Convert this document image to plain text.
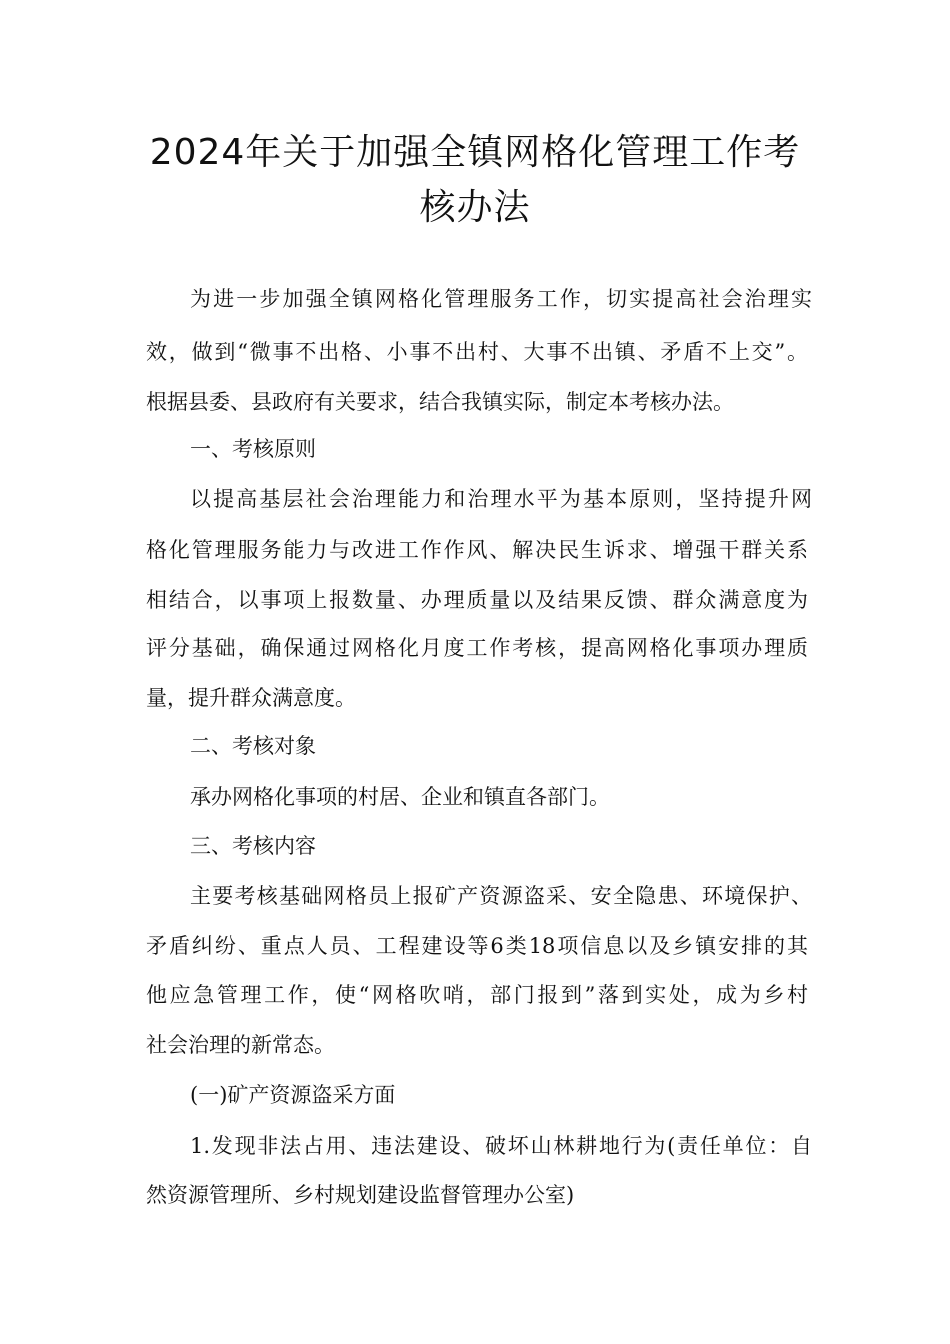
2024年关于加强全镇网格化管理工作考
核办法
为进一步加强全镇网格化管理服务工作，切实提高社会治理实
效，做到“微事不出格、小事不出村、大事不出镇、矛盾不上交”。
根据县委、县政府有关要求，结合我镇实际，制定本考核办法。
一、考核原则
以提高基层社会治理能力和治理水平为基本原则，坚持提升网
格化管理服务能力与改进工作作风、解决民生诉求、增强干群关系
相结合，以事项上报数量、办理质量以及结果反馈、群众满意度为
评分基础，确保通过网格化月度工作考核，提高网格化事项办理质
量，提升群众满意度。
二、考核对象
承办网格化事项的村居、企业和镇直各部门。
三、考核内容
主要考核基础网格员上报矿产资源盗采、安全隐患、环境保护、
矛盾纠纷、重点人员、工程建设等6类18项信息以及乡镇安排的其
他应急管理工作，使“网格吹哨，部门报到”落到实处，成为乡村
社会治理的新常态。
(一)矿产资源盗采方面
1.发现非法占用、违法建设、破坏山林耕地行为(责任单位：自
然资源管理所、乡村规划建设监督管理办公室)
